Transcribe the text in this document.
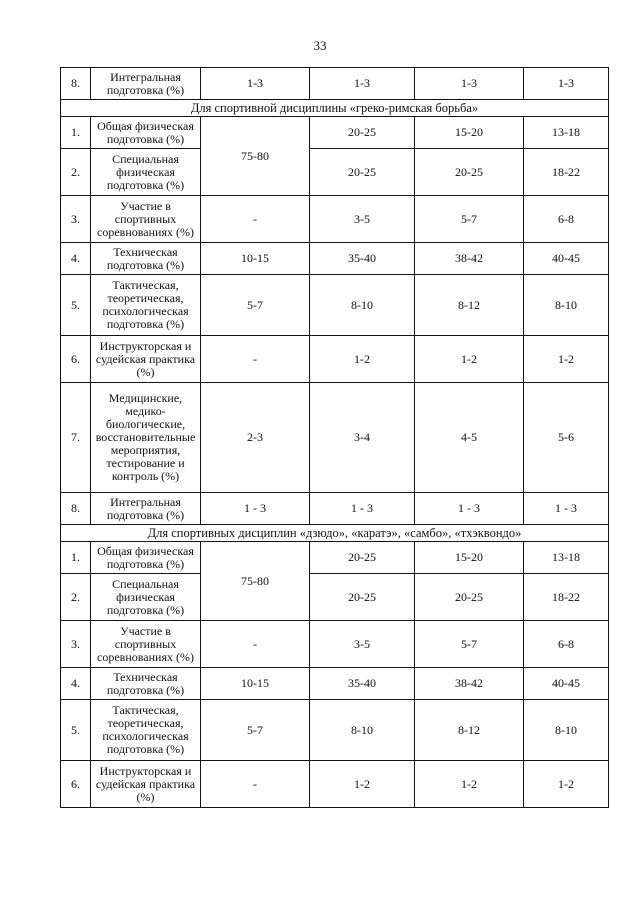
33
8.	Интегральная подготовка (%)	1-3	1-3	1-3	1-3
Для спортивной дисциплины «греко-римская борьба»					
1.	Общая физическая подготовка (%)	75-80	20-25	15-20	13-18
2.	Специальная физическая подготовка (%)		20-25	20-25	18-22
3.	Участие в спортивных соревнованиях (%)	-	3-5	5-7	6-8
4.	Техническая подготовка (%)	10-15	35-40	38-42	40-45
5.	Тактическая, теоретическая, психологическая подготовка (%)	5-7	8-10	8-12	8-10
6.	Инструкторская и судейская практика (%)	-	1-2	1-2	1-2
7.	Медицинские, медико-биологические, восстановительные мероприятия, тестирование и контроль (%)	2-3	3-4	4-5	5-6
8.	Интегральная подготовка (%)	1 - 3	1 - 3	1 - 3	1 - 3
Для спортивных дисциплин «дзюдо», «каратэ», «самбо», «тхэквондо»					
1.	Общая физическая подготовка (%)	75-80	20-25	15-20	13-18
2.	Специальная физическая подготовка (%)		20-25	20-25	18-22
3.	Участие в спортивных соревнованиях (%)	-	3-5	5-7	6-8
4.	Техническая подготовка (%)	10-15	35-40	38-42	40-45
5.	Тактическая, теоретическая, психологическая подготовка (%)	5-7	8-10	8-12	8-10
6.	Инструкторская и судейская практика (%)	-	1-2	1-2	1-2
